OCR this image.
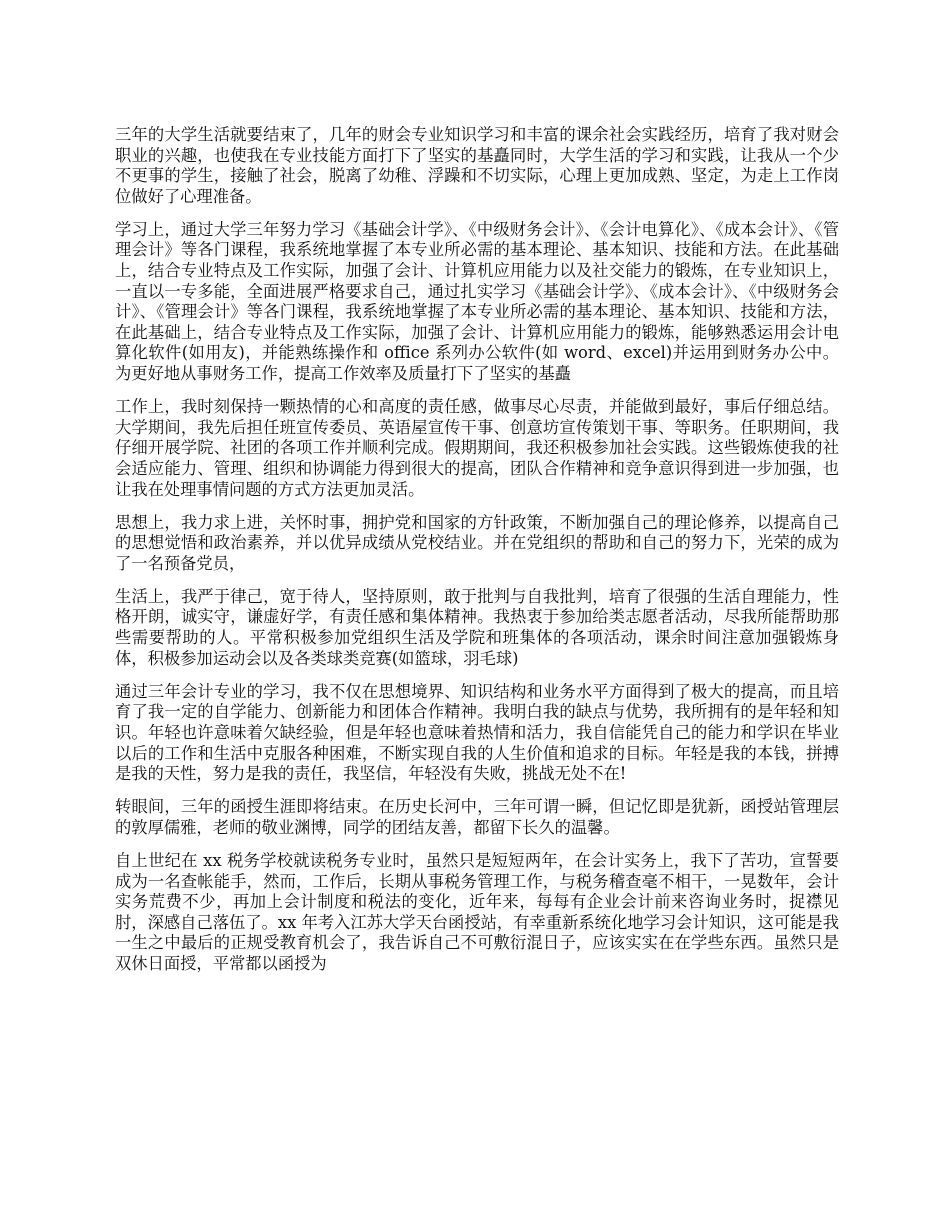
三年的大学生活就要结束了，几年的财会专业知识学习和丰富的课余社会实践经历，培育了我对财会职业的兴趣，也使我在专业技能方面打下了坚实的基矗同时，大学生活的学习和实践，让我从一个少不更事的学生，接触了社会，脱离了幼稚、浮躁和不切实际，心理上更加成熟、坚定，为走上工作岗位做好了心理准备。

学习上，通过大学三年努力学习《基础会计学》、《中级财务会计》、《会计电算化》、《成本会计》、《管理会计》等各门课程，我系统地掌握了本专业所必需的基本理论、基本知识、技能和方法。在此基础上，结合专业特点及工作实际，加强了会计、计算机应用能力以及社交能力的锻炼，在专业知识上，一直以一专多能，全面进展严格要求自己，通过扎实学习《基础会计学》、《成本会计》、《中级财务会计》、《管理会计》等各门课程，我系统地掌握了本专业所必需的基本理论、基本知识、技能和方法，在此基础上，结合专业特点及工作实际，加强了会计、计算机应用能力的锻炼，能够熟悉运用会计电算化软件(如用友)，并能熟练操作和 office 系列办公软件(如 word、excel)并运用到财务办公中。为更好地从事财务工作，提高工作效率及质量打下了坚实的基矗

工作上，我时刻保持一颗热情的心和高度的责任感，做事尽心尽责，并能做到最好，事后仔细总结。大学期间，我先后担任班宣传委员、英语屋宣传干事、创意坊宣传策划干事、等职务。任职期间，我仔细开展学院、社团的各项工作并顺利完成。假期期间，我还积极参加社会实践。这些锻炼使我的社会适应能力、管理、组织和协调能力得到很大的提高，团队合作精神和竞争意识得到进一步加强，也让我在处理事情问题的方式方法更加灵活。

思想上，我力求上进，关怀时事，拥护党和国家的方针政策，不断加强自己的理论修养，以提高自己的思想觉悟和政治素养，并以优异成绩从党校结业。并在党组织的帮助和自己的努力下，光荣的成为了一名预备党员，

生活上，我严于律己，宽于待人，坚持原则，敢于批判与自我批判，培育了很强的生活自理能力，性格开朗，诚实守，谦虚好学，有责任感和集体精神。我热衷于参加给类志愿者活动，尽我所能帮助那些需要帮助的人。平常积极参加党组织生活及学院和班集体的各项活动，课余时间注意加强锻炼身体，积极参加运动会以及各类球类竞赛(如篮球，羽毛球)

通过三年会计专业的学习，我不仅在思想境界、知识结构和业务水平方面得到了极大的提高，而且培育了我一定的自学能力、创新能力和团体合作精神。我明白我的缺点与优势，我所拥有的是年轻和知识。年轻也许意味着欠缺经验，但是年轻也意味着热情和活力，我自信能凭自己的能力和学识在毕业以后的工作和生活中克服各种困难，不断实现自我的人生价值和追求的目标。年轻是我的本钱，拼搏是我的天性，努力是我的责任，我坚信，年轻没有失败，挑战无处不在!

转眼间，三年的函授生涯即将结束。在历史长河中，三年可谓一瞬，但记忆即是犹新，函授站管理层的敦厚儒雅，老师的敬业渊博，同学的团结友善，都留下长久的温馨。

自上世纪在 xx 税务学校就读税务专业时，虽然只是短短两年，在会计实务上，我下了苦功，宣誓要成为一名查帐能手，然而，工作后，长期从事税务管理工作，与税务稽查毫不相干，一晃数年，会计实务荒费不少，再加上会计制度和税法的变化，近年来，每每有企业会计前来咨询业务时，捉襟见肘，深感自己落伍了。xx 年考入江苏大学天台函授站，有幸重新系统化地学习会计知识，这可能是我一生之中最后的正规受教育机会了，我告诉自己不可敷衍混日子，应该实实在在学些东西。虽然只是双休日面授，平常都以函授为
